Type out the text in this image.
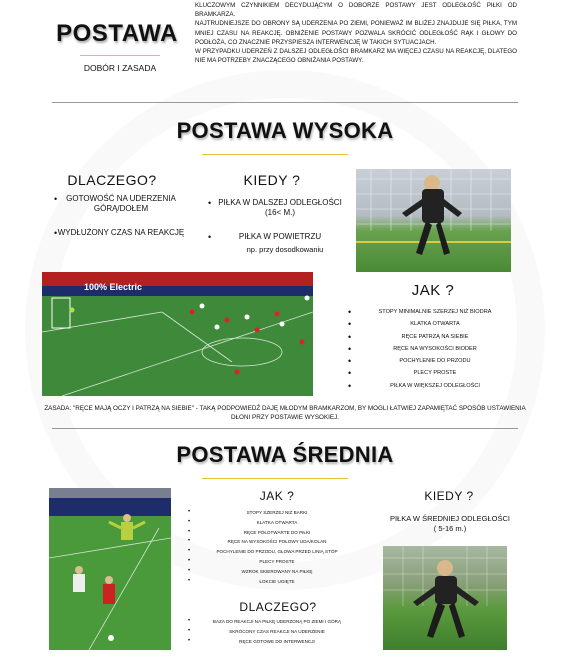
POSTAWA
DOBÓR I ZASADA

KLUCZOWYM CZYNNIKIEM DECYDUJĄCYM O DOBORZE POSTAWY JEST ODLEGŁOŚĆ PIŁKI OD BRAMKARZA.

NAJTRUDNIEJSZE DO OBRONY SĄ UDERZENIA PO ZIEMI, PONIEWAŻ IM BLIŻEJ ZNAJDUJE SIĘ PIŁKA, TYM MNIEJ CZASU NA REAKCJĘ. OBNIŻENIE POSTAWY POZWALA SKRÓCIĆ ODLEGŁOŚĆ RĄK I GŁOWY DO PODŁOŻA, CO ZNACZNIE PRZYSPIESZA INTERWENCJĘ W TAKICH SYTUACJACH.

W PRZYPADKU UDERZEŃ Z DALSZEJ ODLEGŁOŚCI BRAMKARZ MA WIĘCEJ CZASU NA REAKCJĘ, DLATEGO NIE MA POTRZEBY ZNACZĄCEGO OBNIŻANIA POSTAWY.

POSTAWA WYSOKA
DLACZEGO?
• GOTOWOŚĆ NA UDERZENIA GÓRĄ/DOŁEM
• WYDŁUŻONY CZAS NA REAKCJĘ
KIEDY ?
• PIŁKA W DALSZEJ ODLEGŁOŚCI (16< M.)
• PIŁKA W POWIETRZU
np. przy dosodkowaniu
100% Electric	JAK ?
• STOPY MINIMALNIE SZERZEJ NIŻ BIODRA
• KLATKA OTWARTA
• RĘCE PATRZĄ NA SIEBIE
• RĘCE NA WYSOKOŚCI BIODER
• POCHYLENIE DO PRZODU
• PLECY PROSTE
• PIŁKA W WIĘKSZEJ ODLEGŁOŚCI
ZASADA: "RĘCE MAJĄ OCZY I PATRZĄ NA SIEBIE" - TAKĄ PODPOWIEDŹ DAJĘ MŁODYM BRAMKARZOM, BY MOGLI ŁATWIEJ ZAPAMIĘTAĆ SPOSÓB USTAWIENIA DŁONI PRZY POSTAWIE WYSOKIEJ.
POSTAWA ŚREDNIA
JAK ?
• STOPY SZERZEJ NIŻ BARKI
• KLATKA OTWARTA
• RĘCE PÓŁOTWARTE DO PIŁKI
• RĘCE NA WYSOKOŚCI POŁOWY UDA/KOLAN
• POCHYLENIE DO PRZODU, GŁOWA PRZED LINIĄ STÓP
• PLECY PROSTE
• WZROK SKIEROWANY NA PIŁKĘ
• ŁOKCIE UGIĘTE
DLACZEGO?
• BAZA DO REAKCJI NA PIŁKĘ UDERZONĄ PO ZIEMI I GÓRĄ
• SKRÓCONY CZAS REAKCJI NA UDERZENIE
• RĘCE GOTOWE DO INTERWENCJI
KIEDY ?
PIŁKA W ŚREDNIEJ ODLEGŁOŚCI
( 5-16 m.)
